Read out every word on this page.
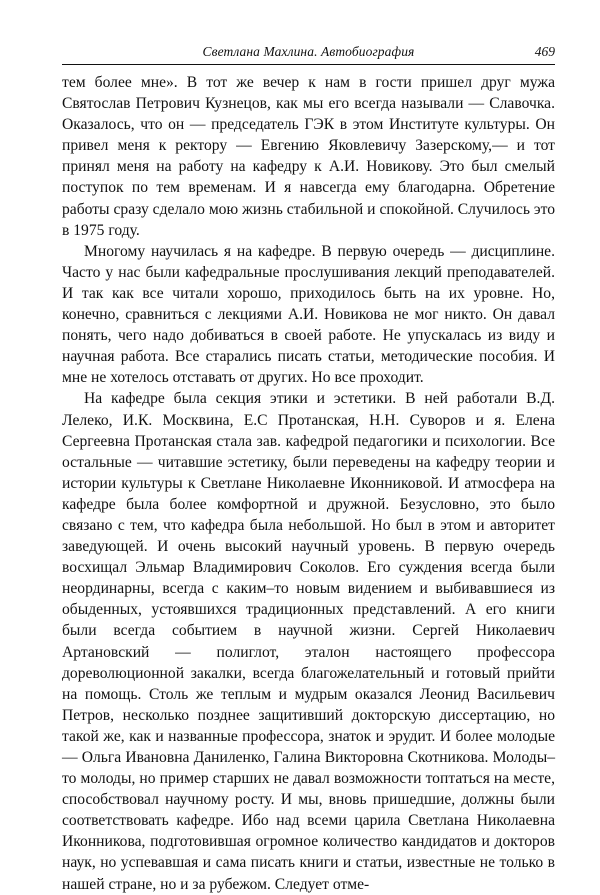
Светлана Махлина. Автобиография	469

тем более мне». В тот же вечер к нам в гости пришел друг мужа Святослав Петрович Кузнецов, как мы его всегда называли — Славочка. Оказалось, что он — председатель ГЭК в этом Институте культуры. Он привел меня к ректору — Евгению Яковлевичу Зазерскому,— и тот принял меня на работу на кафедру к А.И. Новикову. Это был смелый поступок по тем временам. И я навсегда ему благодарна. Обретение работы сразу сделало мою жизнь стабильной и спокойной. Случилось это в 1975 году.

Многому научилась я на кафедре. В первую очередь — дисциплине. Часто у нас были кафедральные прослушивания лекций преподавателей. И так как все читали хорошо, приходилось быть на их уровне. Но, конечно, сравниться с лекциями А.И. Новикова не мог никто. Он давал понять, чего надо добиваться в своей работе. Не упускалась из виду и научная работа. Все старались писать статьи, методические пособия. И мне не хотелось отставать от других. Но все проходит.

На кафедре была секция этики и эстетики. В ней работали В.Д. Лелеко, И.К. Москвина, Е.С Протанская, Н.Н. Суворов и я. Елена Сергеевна Протанская стала зав. кафедрой педагогики и психологии. Все остальные — читавшие эстетику, были переведены на кафедру теории и истории культуры к Светлане Николаевне Иконниковой. И атмосфера на кафедре была более комфортной и дружной. Безусловно, это было связано с тем, что кафедра была небольшой. Но был в этом и авторитет заведующей. И очень высокий научный уровень. В первую очередь восхищал Эльмар Владимирович Соколов. Его суждения всегда были неординарны, всегда с каким–то новым видением и выбивавшиеся из обыденных, устоявшихся традиционных представлений. А его книги были всегда событием в научной жизни. Сергей Николаевич Артановский — полиглот, эталон настоящего профессора дореволюционной закалки, всегда благожелательный и готовый прийти на помощь. Столь же теплым и мудрым оказался Леонид Васильевич Петров, несколько позднее защитивший докторскую диссертацию, но такой же, как и названные профессора, знаток и эрудит. И более молодые — Ольга Ивановна Даниленко, Галина Викторовна Скотникова. Молоды–то молоды, но пример старших не давал возможности топтаться на месте, способствовал научному росту. И мы, вновь пришедшие, должны были соответствовать кафедре. Ибо над всеми царила Светлана Николаевна Иконникова, подготовившая огромное количество кандидатов и докторов наук, но успевавшая и сама писать книги и статьи, известные не только в нашей стране, но и за рубежом. Следует отме-
